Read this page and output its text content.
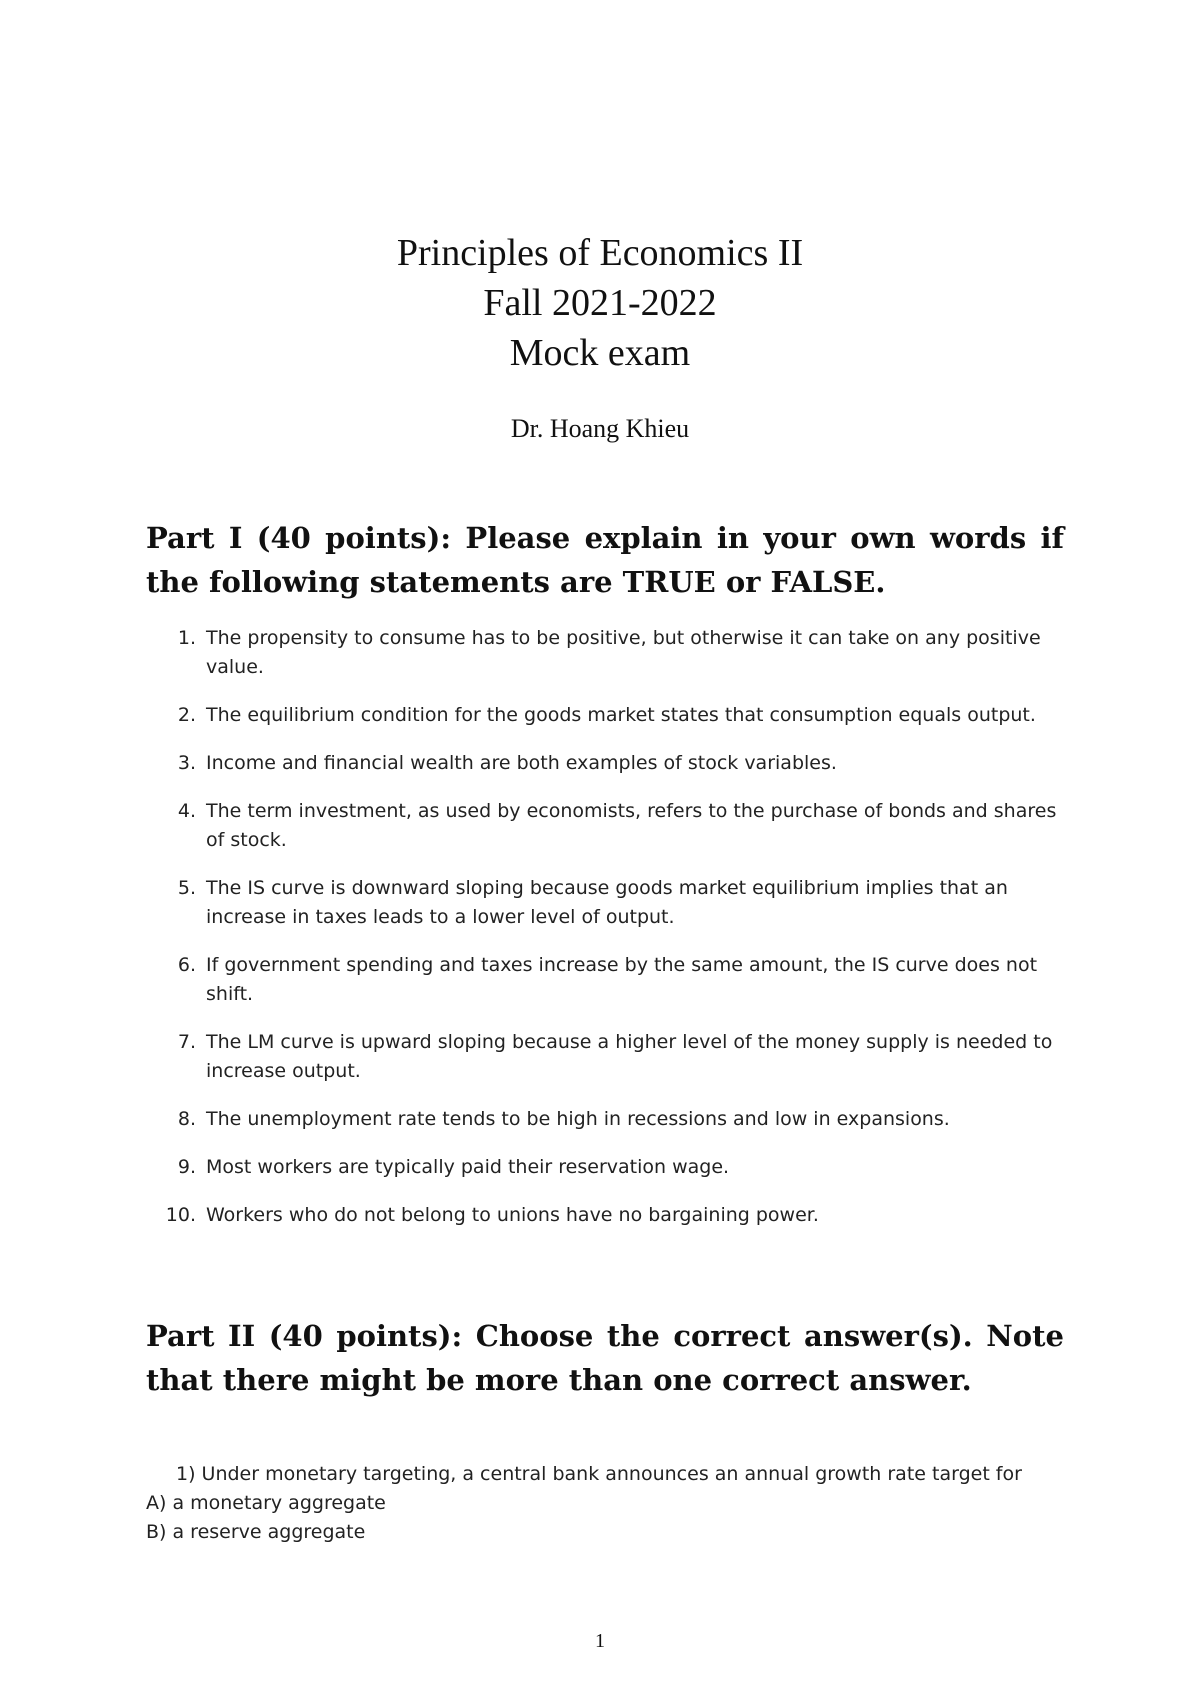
Principles of Economics II
Fall 2021-2022
Mock exam
Dr. Hoang Khieu
Part I (40 points): Please explain in your own words if the following statements are TRUE or FALSE.
1. The propensity to consume has to be positive, but otherwise it can take on any positive value.
2. The equilibrium condition for the goods market states that consumption equals output.
3. Income and financial wealth are both examples of stock variables.
4. The term investment, as used by economists, refers to the purchase of bonds and shares of stock.
5. The IS curve is downward sloping because goods market equilibrium implies that an increase in taxes leads to a lower level of output.
6. If government spending and taxes increase by the same amount, the IS curve does not shift.
7. The LM curve is upward sloping because a higher level of the money supply is needed to increase output.
8. The unemployment rate tends to be high in recessions and low in expansions.
9. Most workers are typically paid their reservation wage.
10. Workers who do not belong to unions have no bargaining power.
Part II (40 points): Choose the correct answer(s). Note that there might be more than one correct answer.
1) Under monetary targeting, a central bank announces an annual growth rate target for
A) a monetary aggregate
B) a reserve aggregate
1
